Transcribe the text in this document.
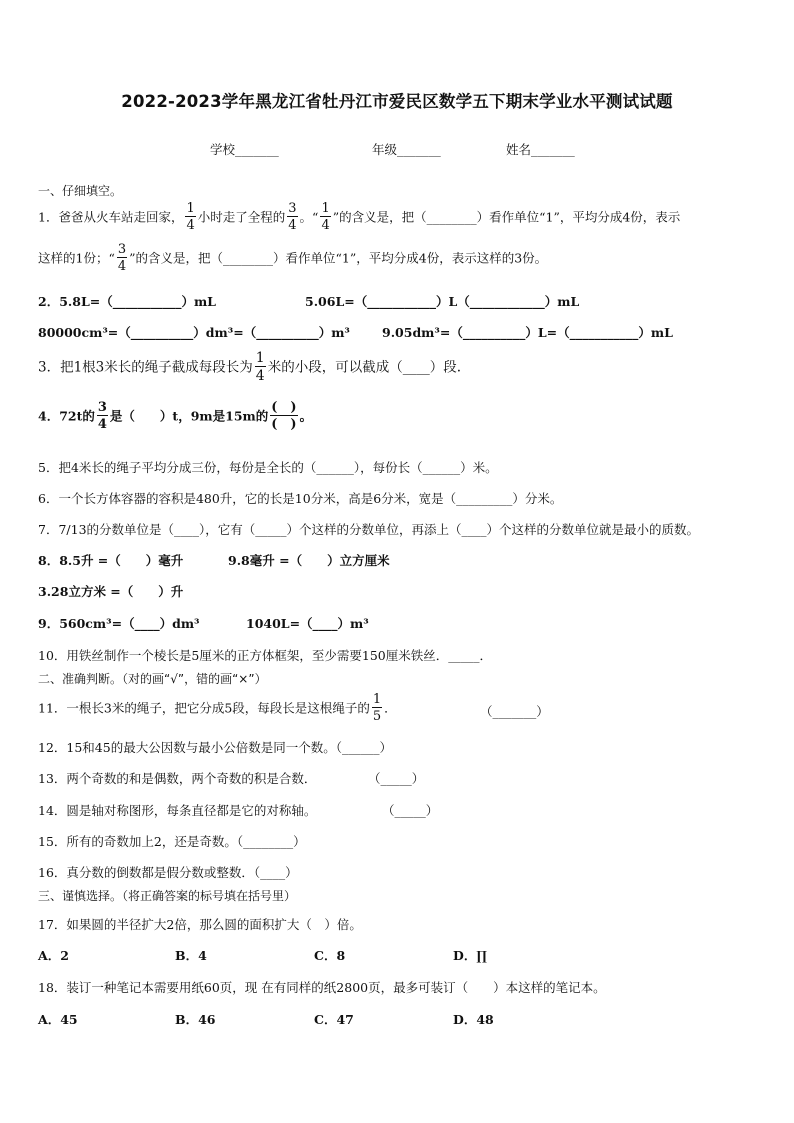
2022-2023学年黑龙江省牡丹江市爱民区数学五下期末学业水平测试试题
学校_______	年级_______	姓名_______
一、仔细填空。
1．爸爸从火车站走回家， $\frac{1}{4}$ 小时走了全程的 $\frac{3}{4}$ 。“ $\frac{1}{4}$ ”的含义是，把（________）看作单位“1”，平均分成4份，表示
这样的1份；“ $\frac{3}{4}$ ”的含义是，把（________）看作单位“1”，平均分成4份，表示这样的3份。
2．5.8L=（___________）mL	5.06L=（___________）L（____________）mL
80000cm³=（__________）dm³=（__________）m³	9.05dm³=（__________）L=（___________）mL
3．把1根3米长的绳子截成每段长为 $\frac{1}{4}$ 米的小段，可以截成（____）段.
4．72t的 $\frac{3}{4}$ 是（　　）t，9m是15m的 $\frac{( )}{( )}$ 。
5．把4米长的绳子平均分成三份，每份是全长的（______），每份长（______）米。
6．一个长方体容器的容积是480升，它的长是10分米，高是6分米，宽是（_________）分米。
7．7/13的分数单位是（____），它有（_____）个这样的分数单位，再添上（____）个这样的分数单位就是最小的质数。
8．8.5升 =（　　）毫升	9.8毫升 =（　　）立方厘米
3.28立方米 =（　　）升
9．560cm³=（____）dm³	1040L=（____）m³
10．用铁丝制作一个棱长是5厘米的正方体框架，至少需要150厘米铁丝．_____．
二、准确判断。（对的画“√”，错的画“×”）
11．一根长3米的绳子，把它分成5段，每段长是这根绳子的 $\frac{1}{5}$ ．	（_______）
12．15和45的最大公因数与最小公倍数是同一个数。（______）
13．两个奇数的和是偶数，两个奇数的积是合数．	（_____）
14．圆是轴对称图形，每条直径都是它的对称轴。	（_____）
15．所有的奇数加上2，还是奇数。（________）
16．真分数的倒数都是假分数或整数．（____）
三、谨慎选择。（将正确答案的标号填在括号里）
17．如果圆的半径扩大2倍，那么圆的面积扩大（　）倍。
A．2	B．4	C．8	D．∏
18．装订一种笔记本需要用纸60页，现 在有同样的纸2800页，最多可装订（　　）本这样的笔记本。
A．45	B．46	C．47	D．48
